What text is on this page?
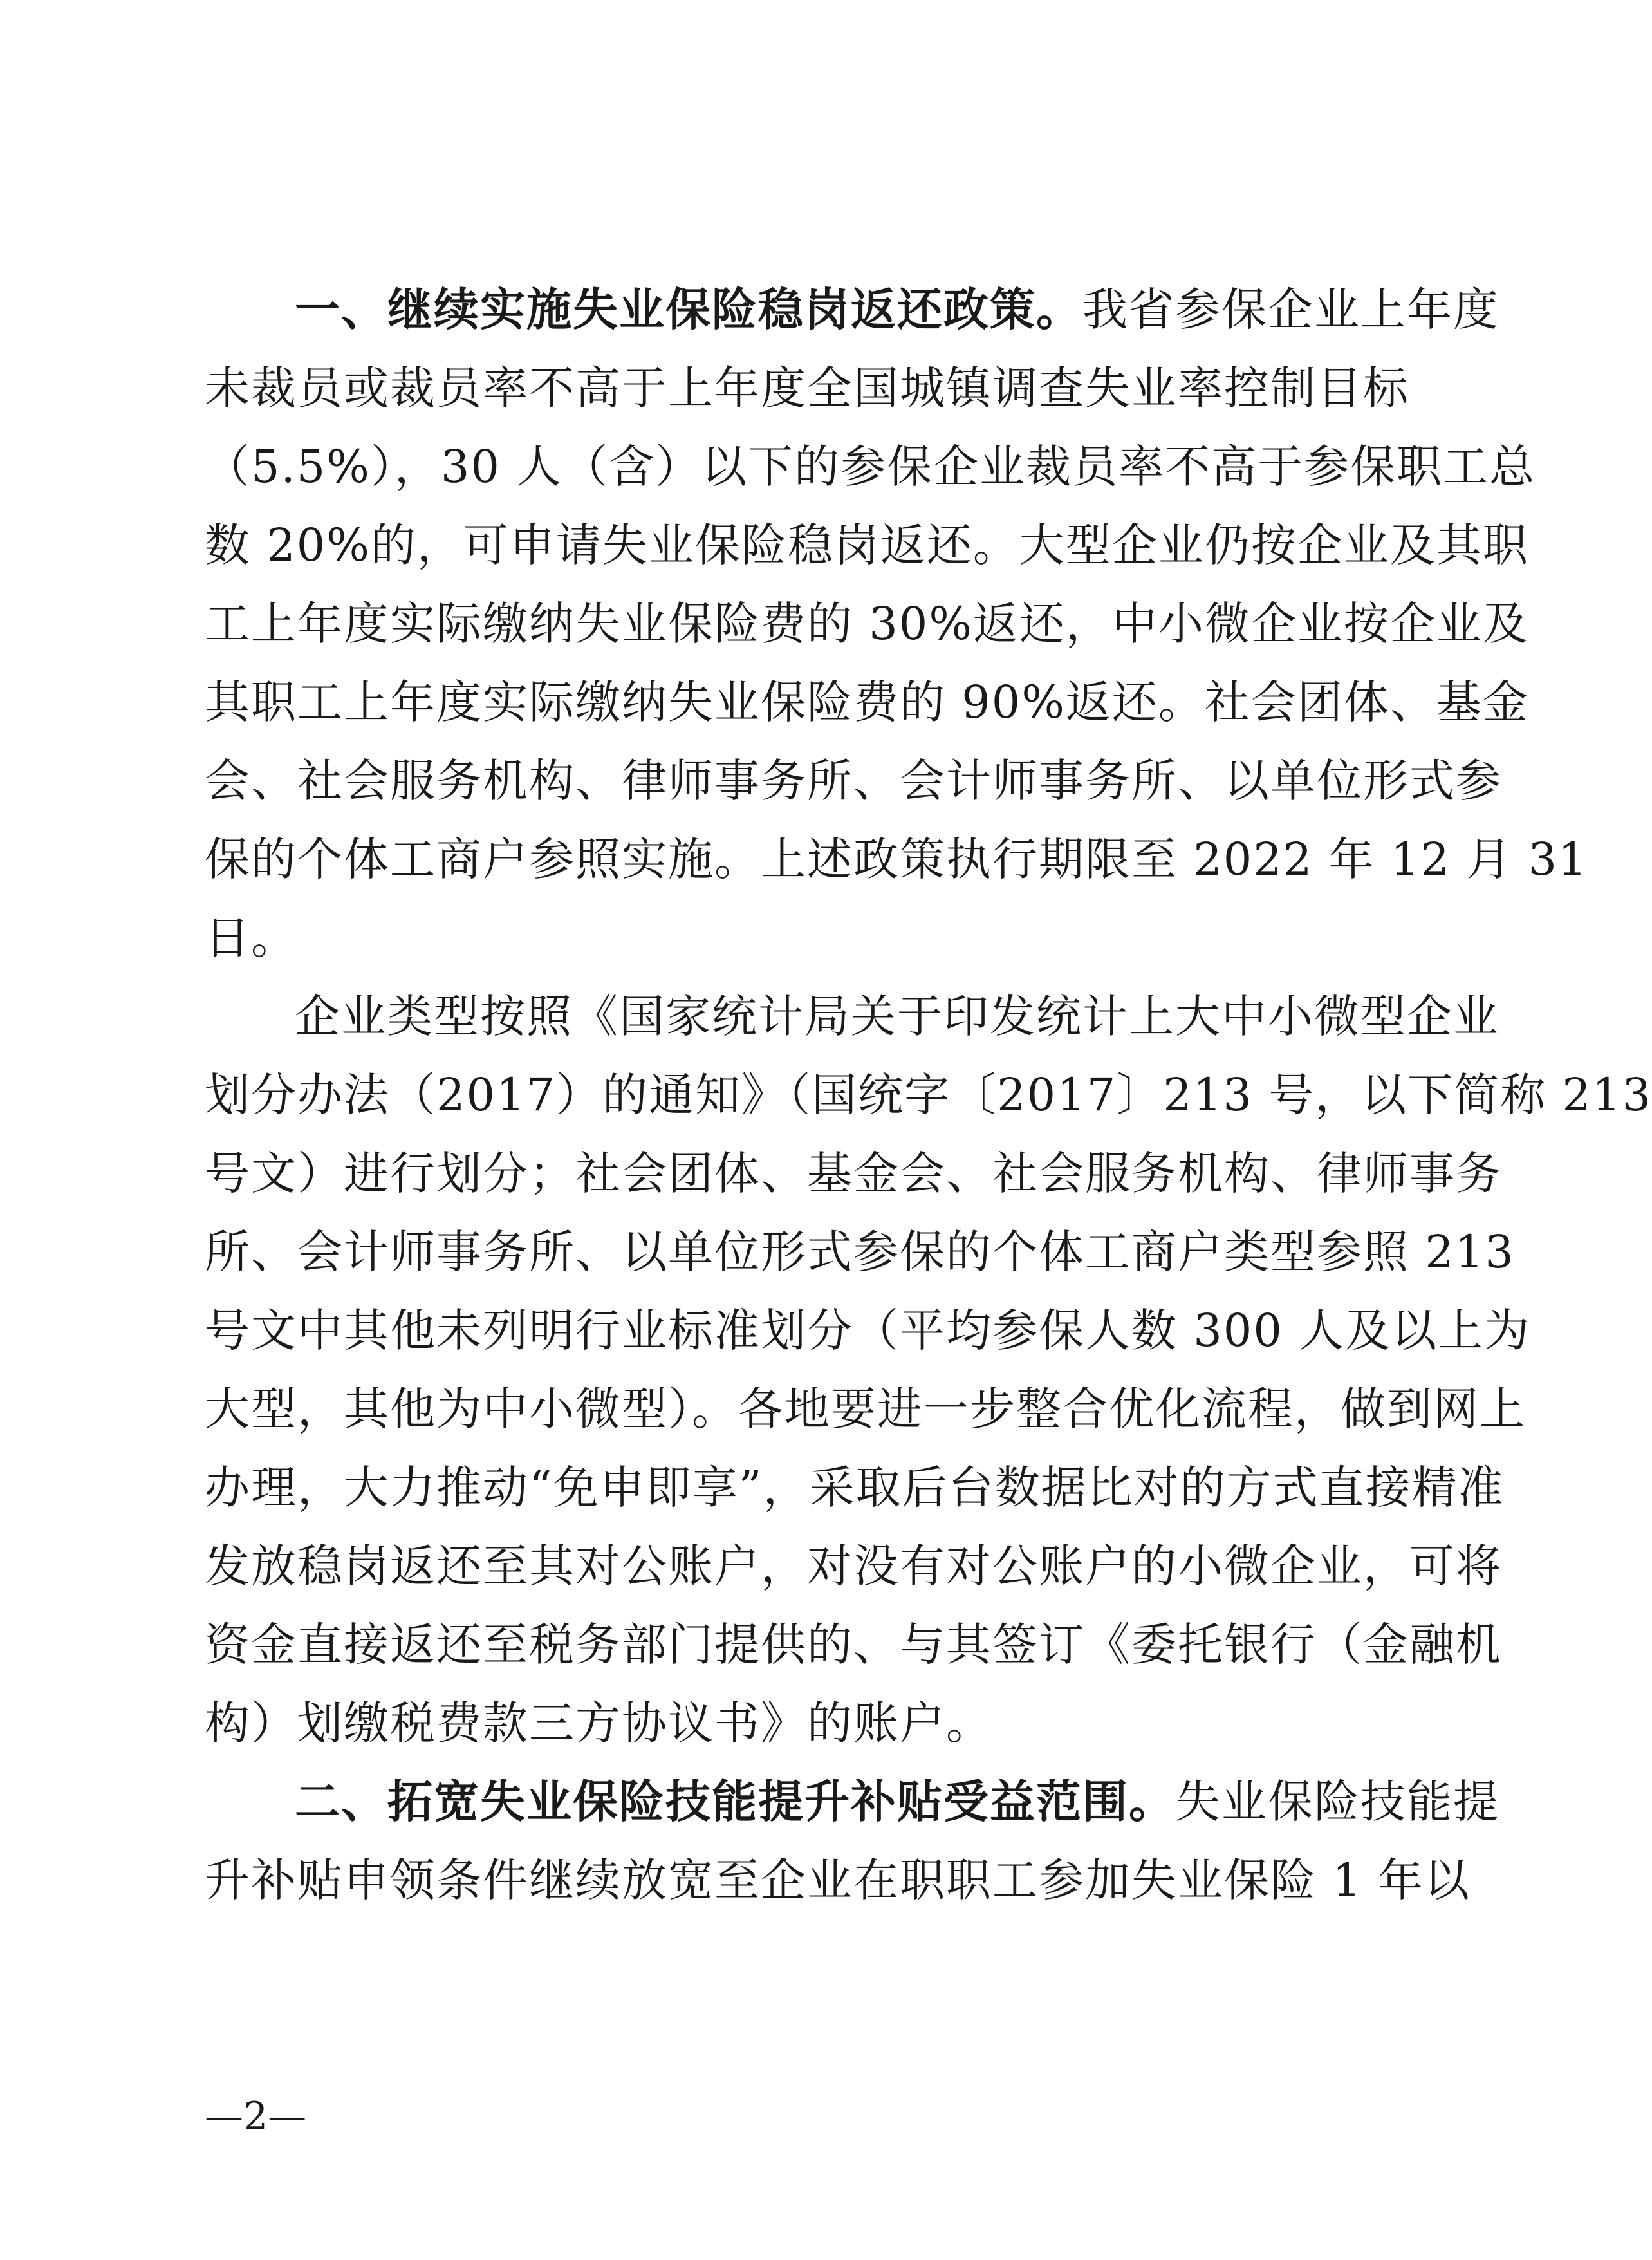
一、继续实施失业保险稳岗返还政策。我省参保企业上年度
未裁员或裁员率不高于上年度全国城镇调查失业率控制目标
（5.5%），30 人（含）以下的参保企业裁员率不高于参保职工总
数 20%的，可申请失业保险稳岗返还。大型企业仍按企业及其职
工上年度实际缴纳失业保险费的 30%返还，中小微企业按企业及
其职工上年度实际缴纳失业保险费的 90%返还。社会团体、基金
会、社会服务机构、律师事务所、会计师事务所、以单位形式参
保的个体工商户参照实施。上述政策执行期限至 2022 年 12 月 31
日。
企业类型按照《国家统计局关于印发统计上大中小微型企业
划分办法（2017）的通知》（国统字〔2017〕213 号，以下简称 213
号文）进行划分；社会团体、基金会、社会服务机构、律师事务
所、会计师事务所、以单位形式参保的个体工商户类型参照 213
号文中其他未列明行业标准划分（平均参保人数 300 人及以上为
大型，其他为中小微型）。各地要进一步整合优化流程，做到网上
办理，大力推动“免申即享”，采取后台数据比对的方式直接精准
发放稳岗返还至其对公账户，对没有对公账户的小微企业，可将
资金直接返还至税务部门提供的、与其签订《委托银行（金融机
构）划缴税费款三方协议书》的账户。
二、拓宽失业保险技能提升补贴受益范围。失业保险技能提
升补贴申领条件继续放宽至企业在职职工参加失业保险 1 年以
—2—
